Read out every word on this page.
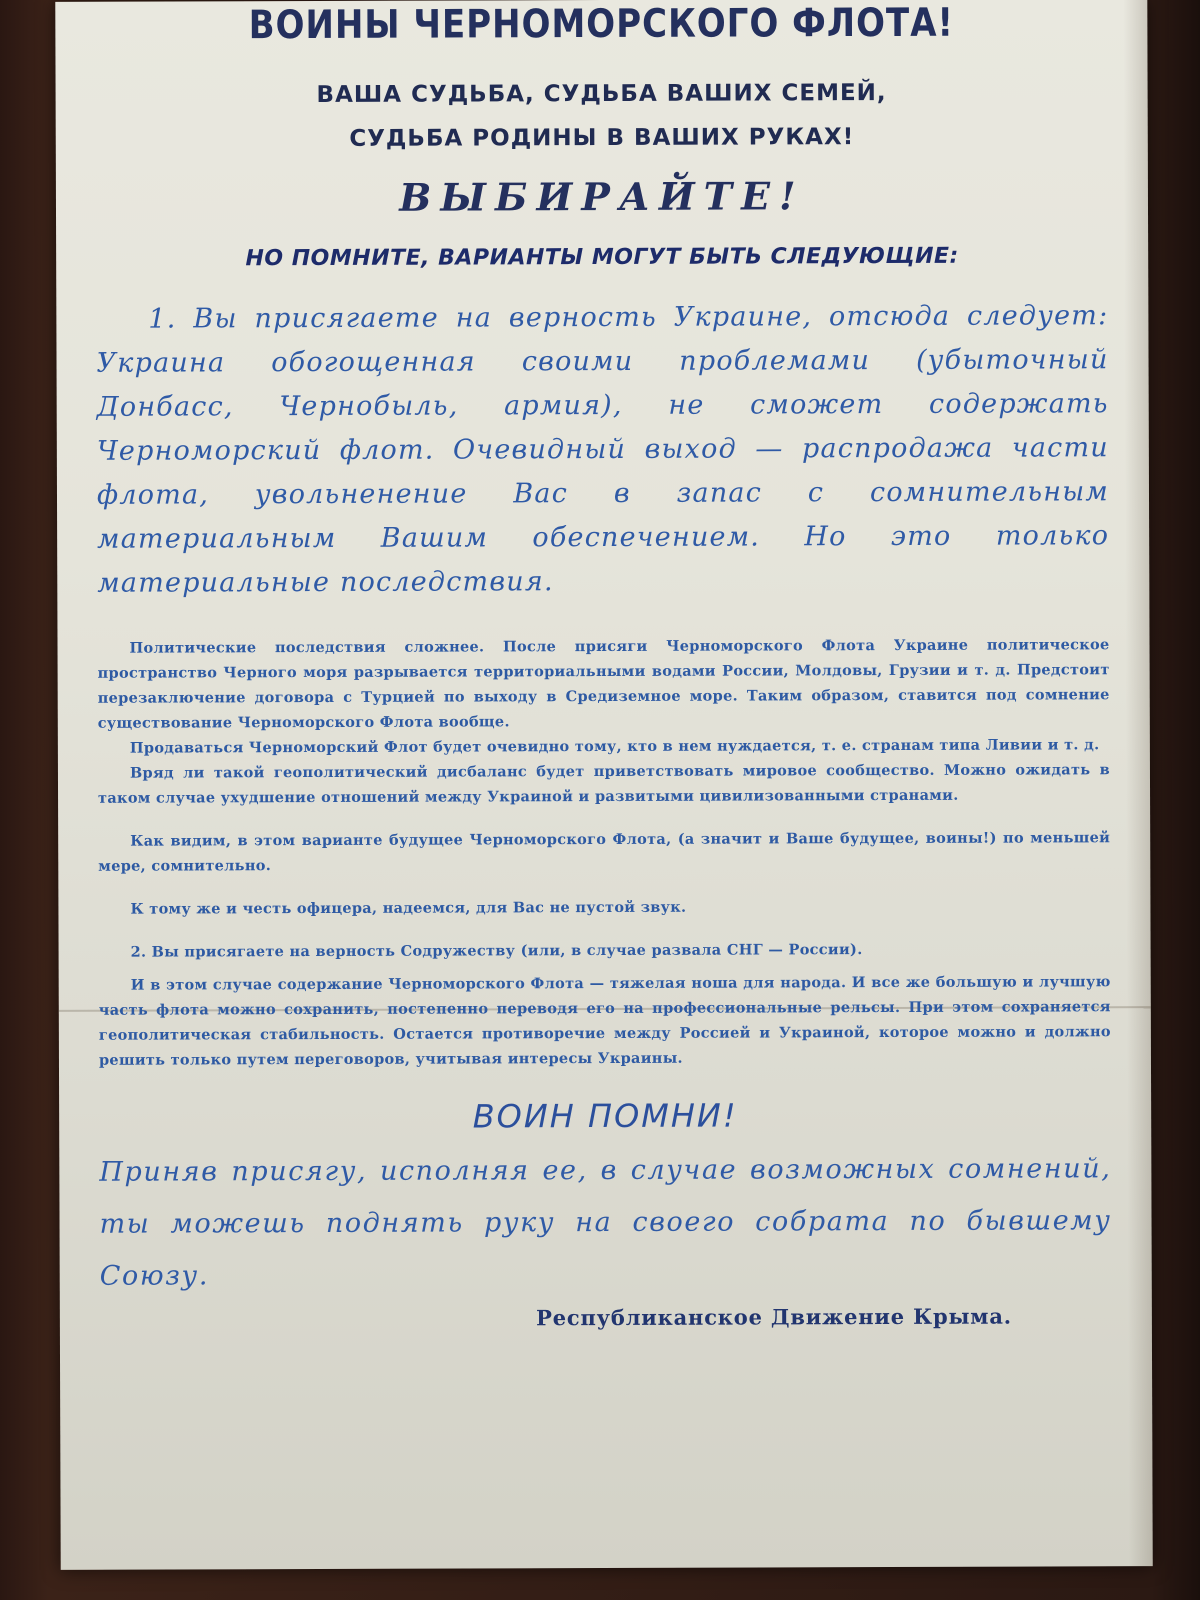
ВОИНЫ ЧЕРНОМОРСКОГО ФЛОТА!
ВАША СУДЬБА, СУДЬБА ВАШИХ СЕМЕЙ,
СУДЬБА РОДИНЫ В ВАШИХ РУКАХ!
ВЫБИРАЙТЕ!
НО ПОМНИТЕ, ВАРИАНТЫ МОГУТ БЫТЬ СЛЕДУЮЩИЕ:

1. Вы присягаете на верность Украине, отсюда следует: Украина обогощенная своими проблемами (убыточный Донбасс, Чернобыль, армия), не сможет содержать Черноморский флот. Очевидный выход — распродажа части флота, увольненение Вас в запас с сомнительным материальным Вашим обеспечением. Но это только материальные последствия.

Политические последствия сложнее. После присяги Черноморского Флота Украине политическое пространство Черного моря разрывается территориальными водами России, Молдовы, Грузии и т. д. Предстоит перезаключение договора с Турцией по выходу в Средиземное море. Таким образом, ставится под сомнение существование Черноморского Флота вообще.

Продаваться Черноморский Флот будет очевидно тому, кто в нем нуждается, т. е. странам типа Ливии и т. д.

Вряд ли такой геополитический дисбаланс будет приветствовать мировое сообщество. Можно ожидать в таком случае ухудшение отношений между Украиной и развитыми цивилизованными странами.

Как видим, в этом варианте будущее Черноморского Флота, (а значит и Ваше будущее, воины!) по меньшей мере, сомнительно.

К тому же и честь офицера, надеемся, для Вас не пустой звук.

2. Вы присягаете на верность Содружеству (или, в случае развала СНГ — России).

И в этом случае содержание Черноморского Флота — тяжелая ноша для народа. И все же большую и лучшую часть флота можно сохранить, постепенно переводя его на профессиональные рельсы. При этом сохраняется геополитическая стабильность. Остается противоречие между Россией и Украиной, которое можно и должно решить только путем переговоров, учитывая интересы Украины.

ВОИН ПОМНИ!

Приняв присягу, исполняя ее, в случае возможных сомнений, ты можешь поднять руку на своего собрата по бывшему Союзу.

Республиканское Движение Крыма.
